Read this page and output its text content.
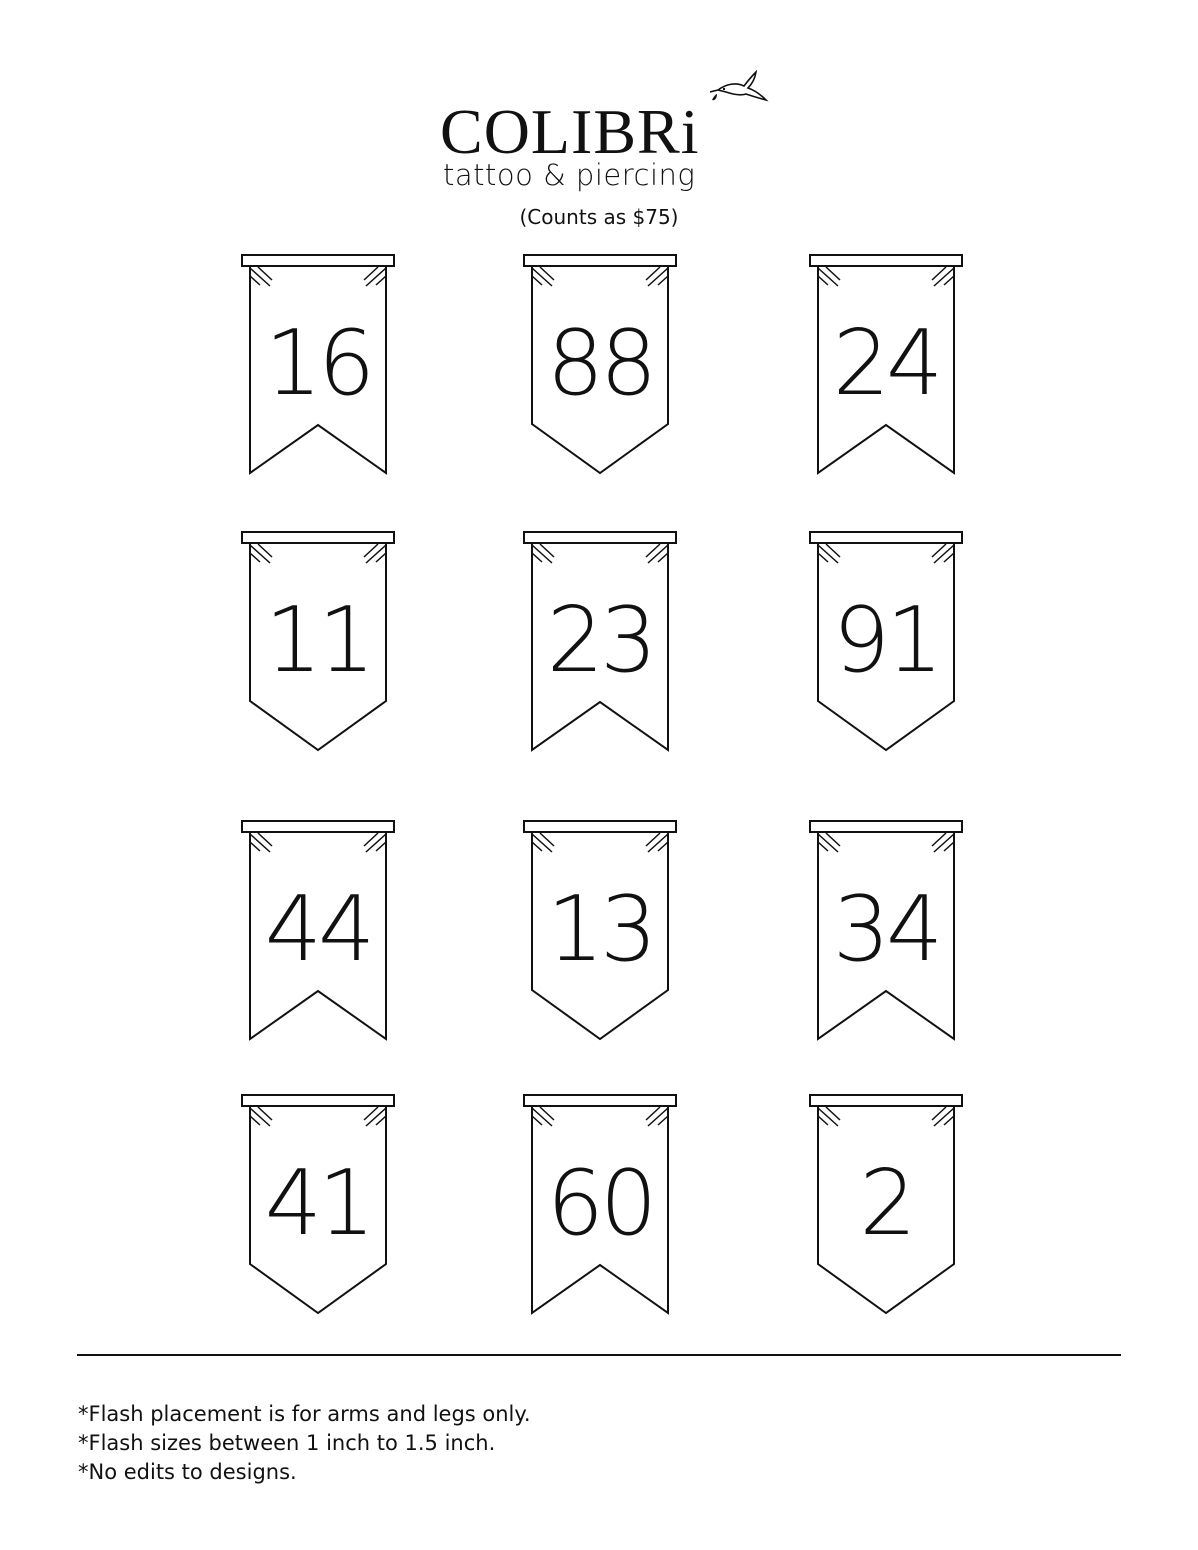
COLIBRi
tattoo & piercing
(Counts as $75)
16 88 24
11 23 91
44 13 34
41 60	2
*Flash placement is for arms and legs only.
*Flash sizes between 1 inch to 1.5 inch.
*No edits to designs.
